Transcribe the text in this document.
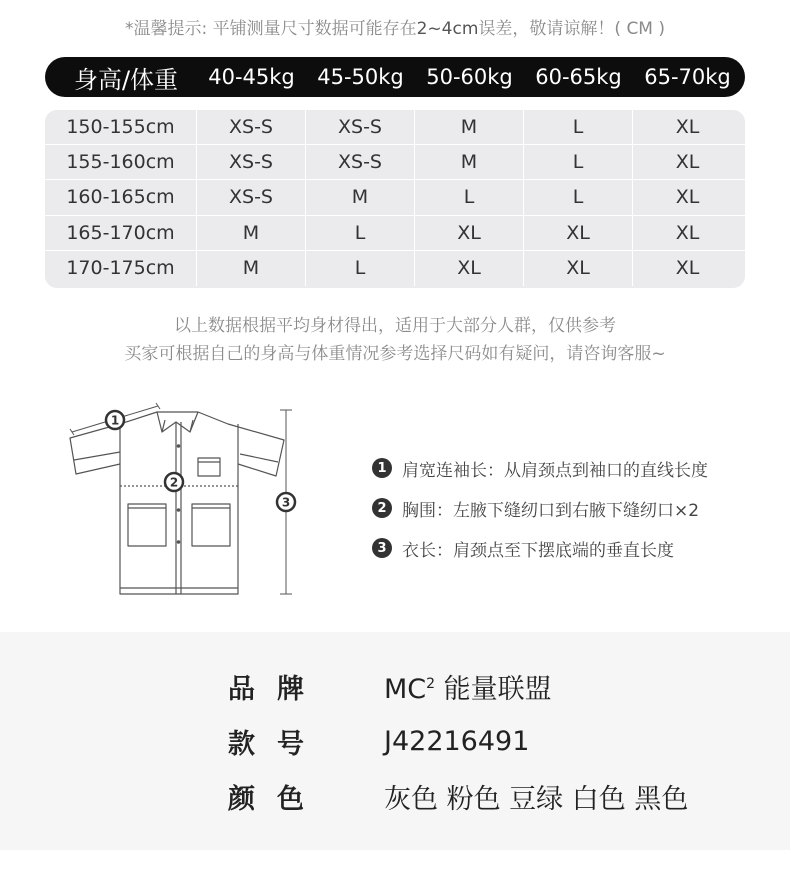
*温馨提示: 平铺测量尺寸数据可能存在2~4cm误差，敬请谅解！( CM )
身高/体重	40-45kg	45-50kg	50-60kg	60-65kg	65-70kg
150-155cm	XS-S	XS-S	M	L	XL
155-160cm	XS-S	XS-S	M	L	XL
160-165cm	XS-S	M	L	L	XL
165-170cm	M	L	XL	XL	XL
170-175cm	M	L	XL	XL	XL
以上数据根据平均身材得出，适用于大部分人群，仅供参考
买家可根据自己的身高与体重情况参考选择尺码如有疑问，请咨询客服~
1
2
3
1 肩宽连袖长：从肩颈点到袖口的直线长度
2 胸围：左腋下缝纫口到右腋下缝纫口×2
3 衣长：肩颈点至下摆底端的垂直长度
品牌	$MC^2$ 能量联盟
款号	J42216491
颜色	灰色 粉色 豆绿 白色 黑色
